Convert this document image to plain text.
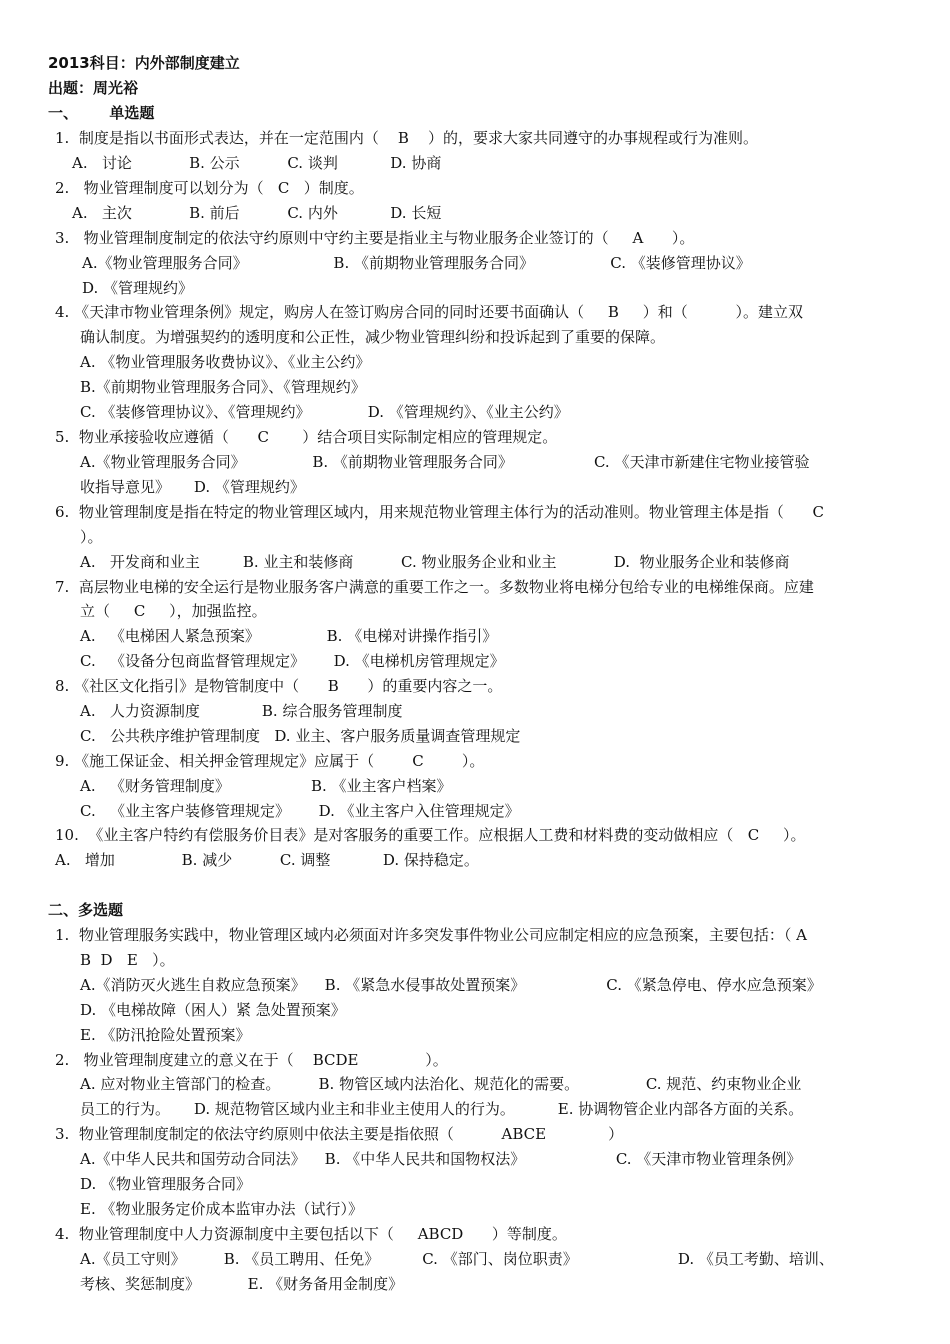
2013科目：内外部制度建立
出题：周光裕
一、      单选题
1.  制度是指以书面形式表达，并在一定范围内（    B    ）的，要求大家共同遵守的办事规程或行为准则。
A.   讨论            B. 公示          C. 谈判           D. 协商
2.   物业管理制度可以划分为（   C   ）制度。
A.   主次            B. 前后          C. 内外           D. 长短
3.   物业管理制度制定的依法守约原则中守约主要是指业主与物业服务企业签订的（     A      ）。
A.《物业管理服务合同》                  B. 《前期物业管理服务合同》                C. 《装修管理协议》
D. 《管理规约》
4. 《天津市物业管理条例》规定，购房人在签订购房合同的同时还要书面确认（     B     ）和（          ）。建立双
确认制度。为增强契约的透明度和公正性，减少物业管理纠纷和投诉起到了重要的保障。
A. 《物业管理服务收费协议》、《业主公约》
B.《前期物业管理服务合同》、《管理规约》
C. 《装修管理协议》、《管理规约》            D. 《管理规约》、《业主公约》
5.  物业承接验收应遵循（      C       ）结合项目实际制定相应的管理规定。
A.《物业管理服务合同》              B. 《前期物业管理服务合同》                 C. 《天津市新建住宅物业接管验
收指导意见》     D. 《管理规约》
6.  物业管理制度是指在特定的物业管理区域内，用来规范物业管理主体行为的活动准则。物业管理主体是指（      C
）。
A.   开发商和业主         B. 业主和装修商          C. 物业服务企业和业主            D.  物业服务企业和装修商
7.  高层物业电梯的安全运行是物业服务客户满意的重要工作之一。多数物业将电梯分包给专业的电梯维保商。应建
立（     C     ），加强监控。
A.   《电梯困人紧急预案》              B. 《电梯对讲操作指引》
C.   《设备分包商监督管理规定》      D. 《电梯机房管理规定》
8. 《社区文化指引》是物管制度中（      B      ）的重要内容之一。
A.   人力资源制度             B. 综合服务管理制度
C.   公共秩序维护管理制度   D. 业主、客户服务质量调查管理规定
9. 《施工保证金、相关押金管理规定》应属于（        C        ）。
A.   《财务管理制度》                 B. 《业主客户档案》
C.   《业主客户装修管理规定》      D. 《业主客户入住管理规定》
10.  《业主客户特约有偿服务价目表》是对客服务的重要工作。应根据人工费和材料费的变动做相应（   C     ）。
A.   增加              B. 减少          C. 调整           D. 保持稳定。
二、多选题
1.  物业管理服务实践中，物业管理区域内必须面对许多突发事件物业公司应制定相应的应急预案，主要包括：（ A
B  D   E   ）。
A.《消防灭火逃生自救应急预案》    B. 《紧急水侵事故处置预案》                 C. 《紧急停电、停水应急预案》
D. 《电梯故障（困人）紧 急处置预案》
E. 《防汛抢险处置预案》
2.   物业管理制度建立的意义在于（    BCDE              ）。
A. 应对物业主管部门的检查。        B. 物管区域内法治化、规范化的需要。              C. 规范、约束物业企业
员工的行为。     D. 规范物管区域内业主和非业主使用人的行为。         E. 协调物管企业内部各方面的关系。
3.  物业管理制度制定的依法守约原则中依法主要是指依照（          ABCE             ）
A.《中华人民共和国劳动合同法》    B. 《中华人民共和国物权法》                   C. 《天津市物业管理条例》
D. 《物业管理服务合同》
E. 《物业服务定价成本监审办法（试行）》
4.  物业管理制度中人力资源制度中主要包括以下（     ABCD      ）等制度。
A.《员工守则》        B. 《员工聘用、任免》         C. 《部门、岗位职责》                     D. 《员工考勤、培训、
考核、奖惩制度》          E. 《财务备用金制度》
